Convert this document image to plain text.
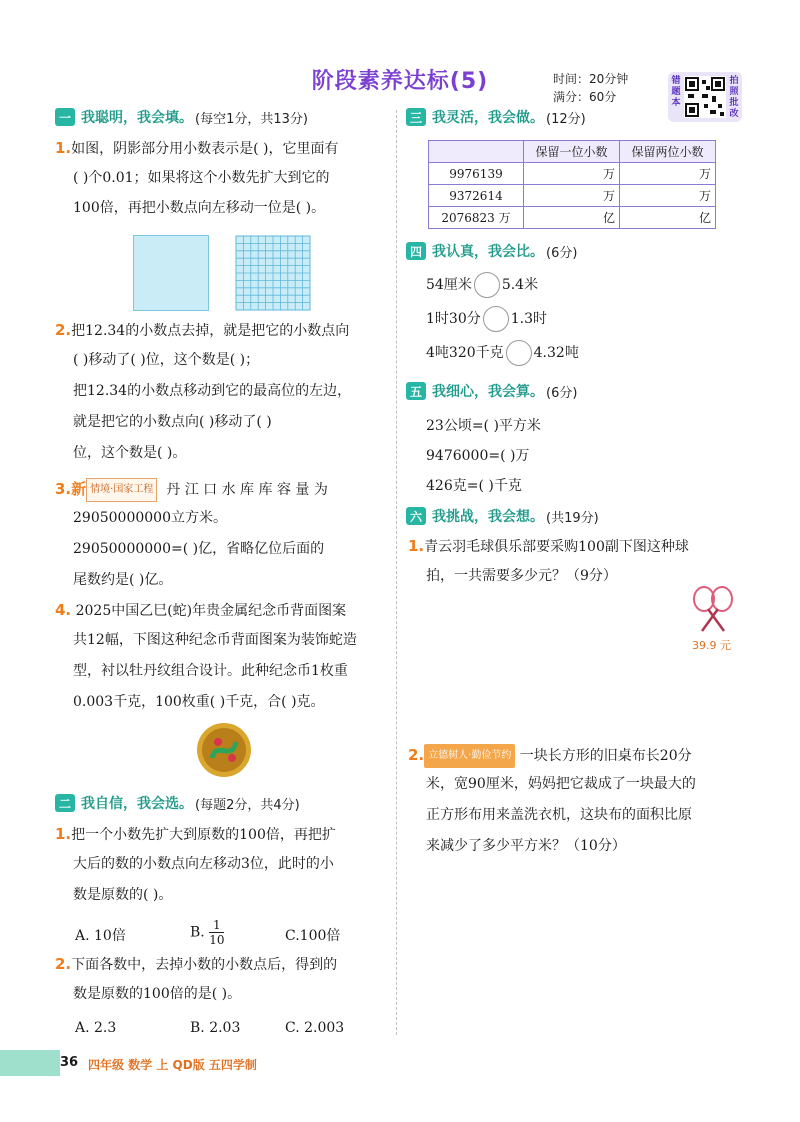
阶段素养达标(5)	时间：20分钟
满分：60分
错题本
拍照批改
一 我聪明，我会填。 (每空1分，共13分)
1.如图，阴影部分用小数表示是( )，它里面有
( )个0.01；如果将这个小数先扩大到它的
100倍，再把小数点向左移动一位是( )。
2.把12.34的小数点去掉，就是把它的小数点向
( )移动了( )位，这个数是( )；
把12.34的小数点移动到它的最高位的左边，
就是把它的小数点向( )移动了( )
位，这个数是( )。
3.新 情境·国家工程 丹 江 口 水 库 库 容 量 为
29050000000立方米。
29050000000=( )亿，省略亿位后面的
尾数约是( )亿。
4. 2025中国乙巳(蛇)年贵金属纪念币背面图案
共12幅，下图这种纪念币背面图案为装饰蛇造
型，衬以牡丹纹组合设计。此种纪念币1枚重
0.003千克，100枚重( )千克，合( )克。
二 我自信，我会选。 (每题2分，共4分)
1.把一个小数先扩大到原数的100倍，再把扩
大后的数的小数点向左移动3位，此时的小
数是原数的( )。
A. 10倍	B. $\frac{1}{10}$	C.100倍
2.下面各数中，去掉小数的小数点后，得到的
数是原数的100倍的是( )。
A. 2.3	B. 2.03	C. 2.003
三 我灵活，我会做。 (12分)
	保留一位小数	保留两位小数
9976139	万	万
9372614	万	万
2076823 万	亿	亿
四 我认真，我会比。 (6分)
54厘米 5.4米
1时30分 1.3时
4吨320千克 4.32吨
五 我细心，我会算。 (6分)
23公顷=( )平方米
9476000=( )万
426克=( )千克
六 我挑战，我会想。 (共19分)
1.青云羽毛球俱乐部要采购100副下图这种球
拍，一共需要多少元？（9分）
39.9 元
2. 立德树人·勤俭节约 一块长方形的旧桌布长20分
米，宽90厘米，妈妈把它裁成了一块最大的
正方形布用来盖洗衣机，这块布的面积比原
来减少了多少平方米？（10分）
36 四年级 数学 上 QD版 五四学制
